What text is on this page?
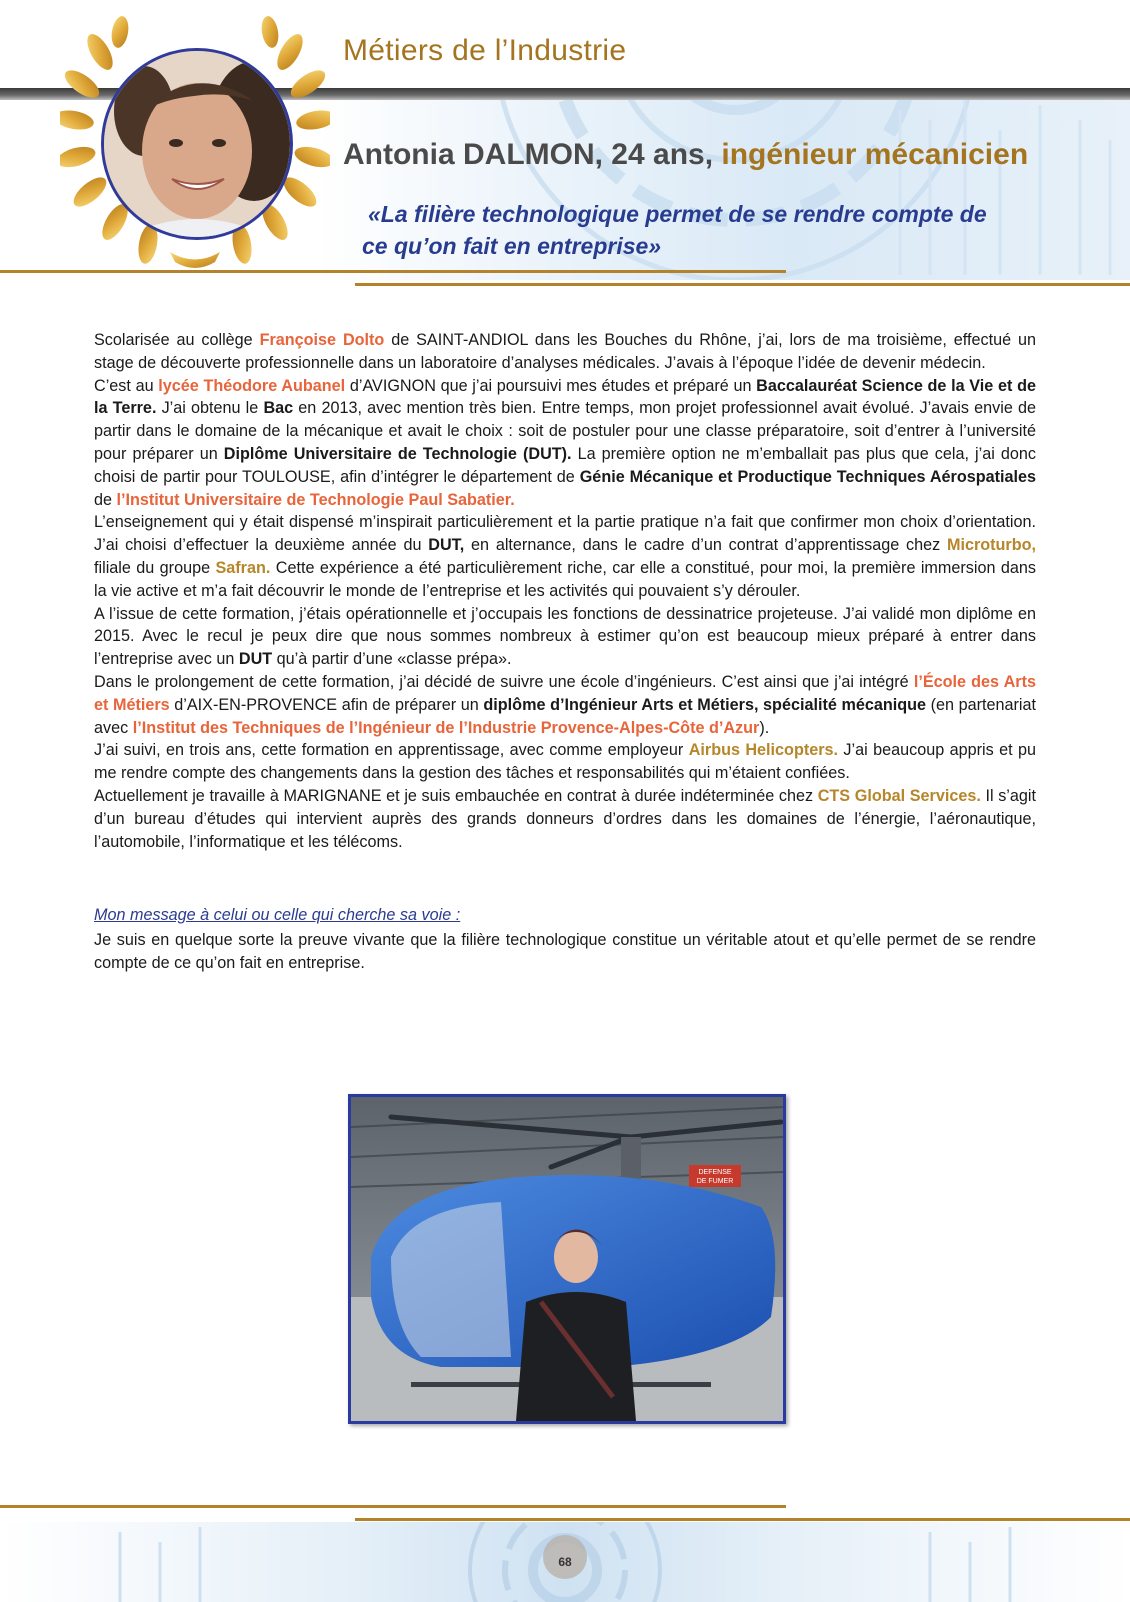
Métiers de l’Industrie
Antonia DALMON, 24 ans, ingénieur mécanicien
«La filière technologique permet de se rendre compte de
ce qu’on fait en entreprise»

Scolarisée au collège Françoise Dolto de SAINT-ANDIOL dans les Bouches du Rhône, j’ai, lors de ma troisième, effectué un stage de découverte professionnelle dans un laboratoire d’analyses médicales. J’avais à l’époque l’idée de devenir médecin.

C’est au lycée Théodore Aubanel d’AVIGNON que j’ai poursuivi mes études et préparé un Baccalauréat Science de la Vie et de la Terre. J’ai obtenu le Bac en 2013, avec mention très bien. Entre temps, mon projet professionnel avait évolué. J’avais envie de partir dans le domaine de la mécanique et avait le choix : soit de postuler pour une classe préparatoire, soit d’entrer à l’université pour préparer un Diplôme Universitaire de Technologie (DUT). La première option ne m’emballait pas plus que cela, j’ai donc choisi de partir pour TOULOUSE, afin d’intégrer le département de Génie Mécanique et Productique Techniques Aérospatiales de l’Institut Universitaire de Technologie Paul Sabatier.

L’enseignement qui y était dispensé m’inspirait particulièrement et la partie pratique n’a fait que confirmer mon choix d’orientation. J’ai choisi d’effectuer la deuxième année du DUT, en alternance, dans le cadre d’un contrat d’apprentissage chez Microturbo, filiale du groupe Safran. Cette expérience a été particulièrement riche, car elle a constitué, pour moi, la première immersion dans la vie active et m’a fait découvrir le monde de l’entreprise et les activités qui pouvaient s’y dérouler.

A l’issue de cette formation, j’étais opérationnelle et j’occupais les fonctions de dessinatrice projeteuse. J’ai validé mon diplôme en 2015. Avec le recul je peux dire que nous sommes nombreux à estimer qu’on est beaucoup mieux préparé à entrer dans l’entreprise avec un DUT qu’à partir d’une «classe prépa».

Dans le prolongement de cette formation, j’ai décidé de suivre une école d’ingénieurs. C’est ainsi que j’ai intégré l’École des Arts et Métiers d’AIX-EN-PROVENCE afin de préparer un diplôme d’Ingénieur Arts et Métiers, spécialité mécanique (en partenariat avec l’Institut des Techniques de l’Ingénieur de l’Industrie Provence-Alpes-Côte d’Azur).

J’ai suivi, en trois ans, cette formation en apprentissage, avec comme employeur Airbus Helicopters. J’ai beaucoup appris et pu me rendre compte des changements dans la gestion des tâches et responsabilités qui m’étaient confiées.

Actuellement je travaille à MARIGNANE et je suis embauchée en contrat à durée indéterminée chez CTS Global Services. Il s’agit d’un bureau d’études qui intervient auprès des grands donneurs d’ordres dans les domaines de l’énergie, l’aéronautique, l’automobile, l’informatique et les télécoms.

Mon message à celui ou celle qui cherche sa voie :
Je suis en quelque sorte la preuve vivante que la filière technologique constitue un véritable atout et qu’elle permet de se rendre compte de ce qu’on fait en entreprise.
DEFENSE
DE FUMER
68
